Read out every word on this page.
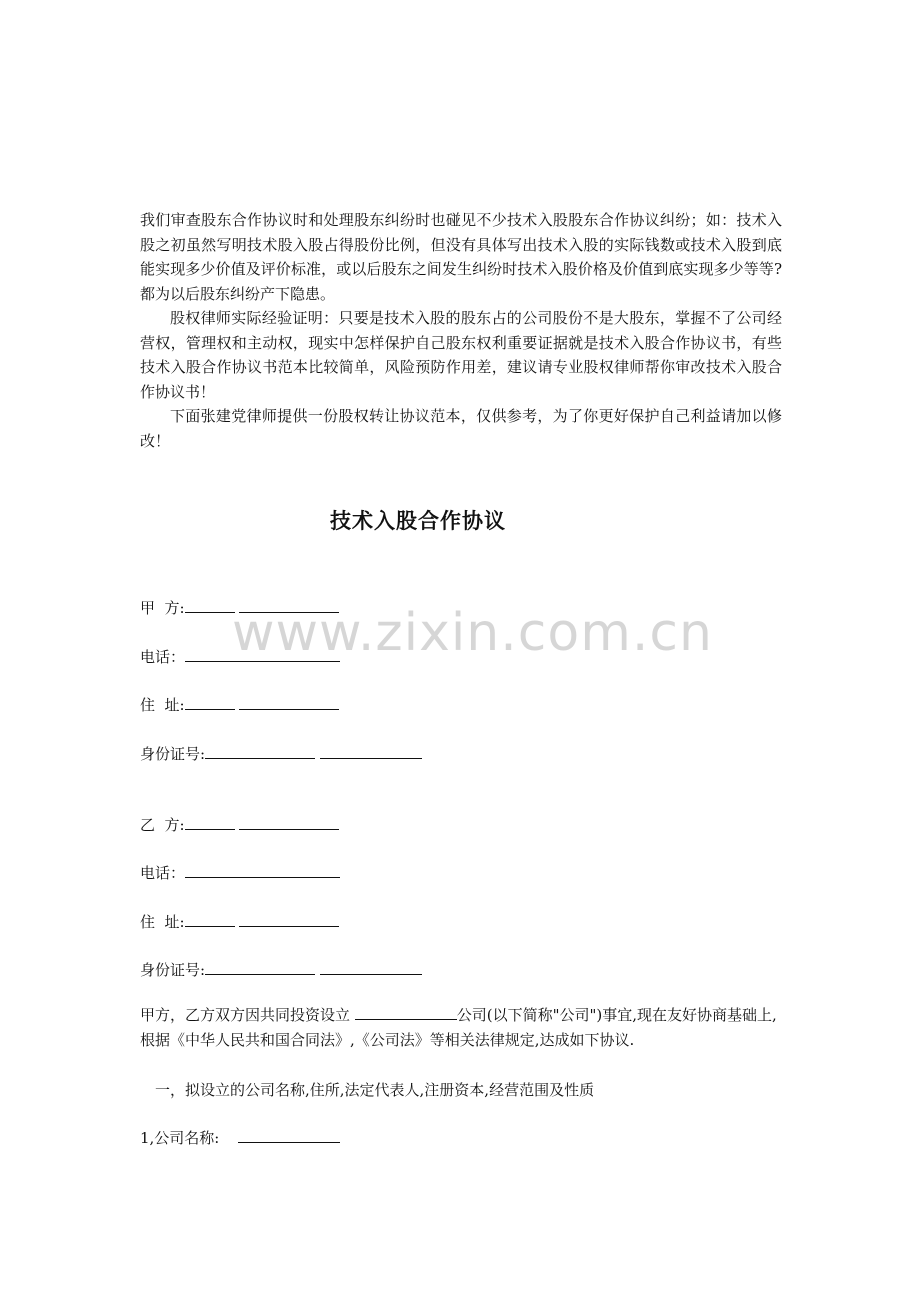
我们审查股东合作协议时和处理股东纠纷时也碰见不少技术入股股东合作协议纠纷；如：技术入股之初虽然写明技术股入股占得股份比例，但没有具体写出技术入股的实际钱数或技术入股到底能实现多少价值及评价标准，或以后股东之间发生纠纷时技术入股价格及价值到底实现多少等等?都为以后股东纠纷产下隐患。

股权律师实际经验证明：只要是技术入股的股东占的公司股份不是大股东，掌握不了公司经营权，管理权和主动权，现实中怎样保护自己股东权利重要证据就是技术入股合作协议书，有些技术入股合作协议书范本比较简单，风险预防作用差，建议请专业股权律师帮你审改技术入股合作协议书！

下面张建党律师提供一份股权转让协议范本，仅供参考，为了你更好保护自己利益请加以修改！

技术入股合作协议
www.zixin.com.cn
甲  方:
电话：
住  址:
身份证号:
乙  方:
电话：
住  址:
身份证号:
甲方，乙方双方因共同投资设立	公司(以下简称"公司")事宜,现在友好协商基础上,根据《中华人民共和国合同法》,《公司法》等相关法律规定,达成如下协议.
一，拟设立的公司名称,住所,法定代表人,注册资本,经营范围及性质
1,公司名称:
